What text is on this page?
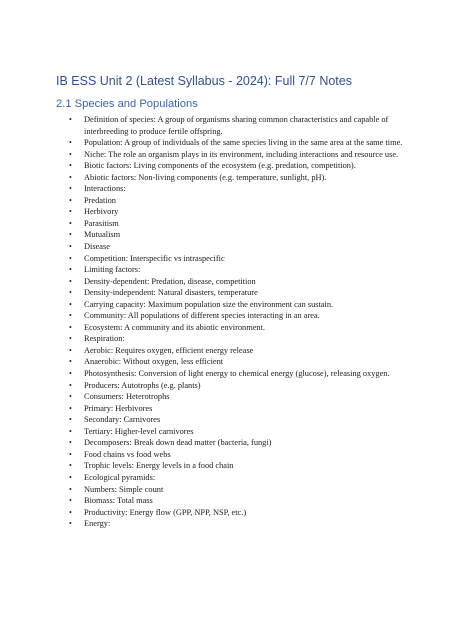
IB ESS Unit 2 (Latest Syllabus - 2024): Full 7/7 Notes
2.1 Species and Populations
• Definition of species: A group of organisms sharing common characteristics and capable of interbreeding to produce fertile offspring.
• Population: A group of individuals of the same species living in the same area at the same time.
• Niche: The role an organism plays in its environment, including interactions and resource use.
• Biotic factors: Living components of the ecosystem (e.g. predation, competition).
• Abiotic factors: Non-living components (e.g. temperature, sunlight, pH).
• Interactions:
• Predation
• Herbivory
• Parasitism
• Mutualism
• Disease
• Competition: Interspecific vs intraspecific
• Limiting factors:
• Density-dependent: Predation, disease, competition
• Density-independent: Natural disasters, temperature
• Carrying capacity: Maximum population size the environment can sustain.
• Community: All populations of different species interacting in an area.
• Ecosystem: A community and its abiotic environment.
• Respiration:
• Aerobic: Requires oxygen, efficient energy release
• Anaerobic: Without oxygen, less efficient
• Photosynthesis: Conversion of light energy to chemical energy (glucose), releasing oxygen.
• Producers: Autotrophs (e.g. plants)
• Consumers: Heterotrophs
• Primary: Herbivores
• Secondary: Carnivores
• Tertiary: Higher-level carnivores
• Decomposers: Break down dead matter (bacteria, fungi)
• Food chains vs food webs
• Trophic levels: Energy levels in a food chain
• Ecological pyramids:
• Numbers: Simple count
• Biomass: Total mass
• Productivity: Energy flow (GPP, NPP, NSP, etc.)
• Energy:
